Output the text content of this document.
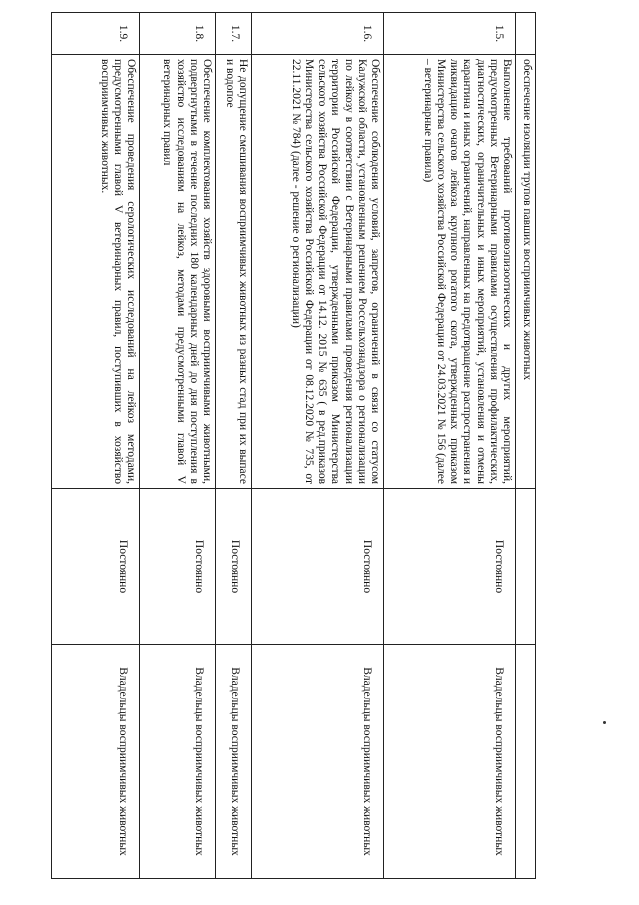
	обеспечение изоляции трупов павших восприимчивых животных		
1.5.	Выполнение требований противоэпизоотических и других мероприятий, предусмотренных Ветеринарными правилами осуществления профилактических, диагностических, ограничительных и иных мероприятий, установления и отмены карантина и иных ограничений, направленных на предотвращение распространения и ликвидацию очагов лейкоза крупного рогатого скота, утвержденных приказом Министерства сельского хозяйства Российской Федерации от 24.03.2021 № 156 (далее – ветеринарные правила)	Постоянно	Владельцы восприимчивых животных
1.6.	Обеспечение соблюдения условий, запретов, ограничений в связи со статусом Калужской области, установленным решением Россельхознадзора о регионализации по лейкозу в соответствии с Ветеринарными правилами проведения регионализации территории Российской Федерации, утвержденными приказом Министерства сельского хозяйства Российской Федерации от 14.12. 2015 № 635 ( в ред.приказов Министерства сельского хозяйства Российской Федерации от 08.12.2020 № 735, от 22.11.2021 № 784) (далее - решение о регионализации)	Постоянно	Владельцы восприимчивых животных
1.7.	Не допущение смешивания восприимчивых животных из разных стад при их выпасе и водопое	Постоянно	Владельцы восприимчивых животных
1.8.	Обеспечение комплектования хозяйств здоровыми восприимчивыми животными, подвергнутыми в течение последних 180 календарных дней до дня поступления в хозяйство исследованиям на лейкоз, методами предусмотренными главой V ветеринарных правил	Постоянно	Владельцы восприимчивых животных
1.9.	Обеспечение проведения серологических исследований на лейкоз методами, предусмотренными главой V ветеринарных правил, поступивших в хозяйство восприимчивых животных.	Постоянно	Владельцы восприимчивых животных
